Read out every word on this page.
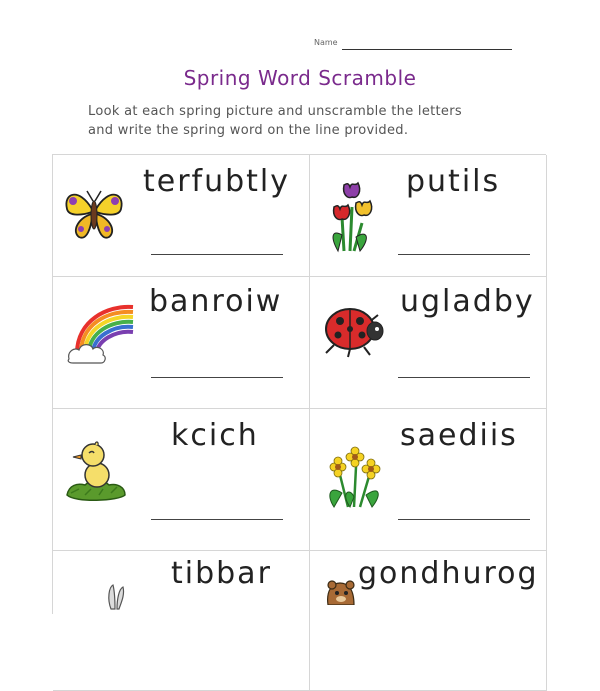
Name
Spring Word Scramble
Look at each spring picture and unscramble the letters
and write the spring word on the line provided.
terfubtly	putils
banroiw	ugladby
kcich	saediis
tibbar	gondhurog
